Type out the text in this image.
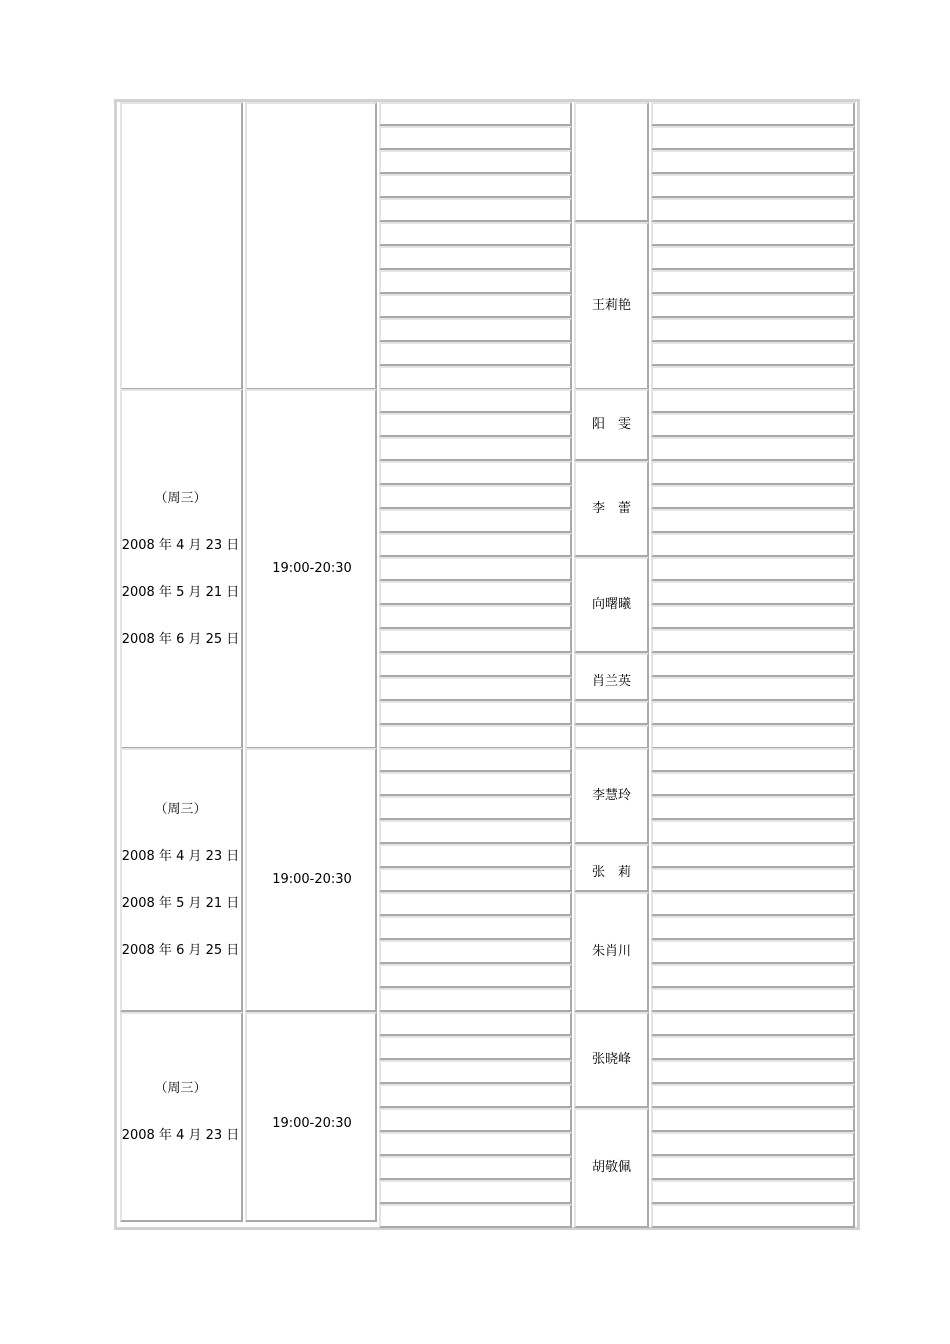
王莉艳
（周三）
2008 年 4 月 23 日
2008 年 5 月 21 日
2008 年 6 月 25 日
19:00-20:30
阳　雯
李　蕾
向曙曦
肖兰英
（周三）
2008 年 4 月 23 日
2008 年 5 月 21 日
2008 年 6 月 25 日
19:00-20:30
李慧玲
张　莉
朱肖川
（周三）
2008 年 4 月 23 日
19:00-20:30
张晓峰
胡敬佩
